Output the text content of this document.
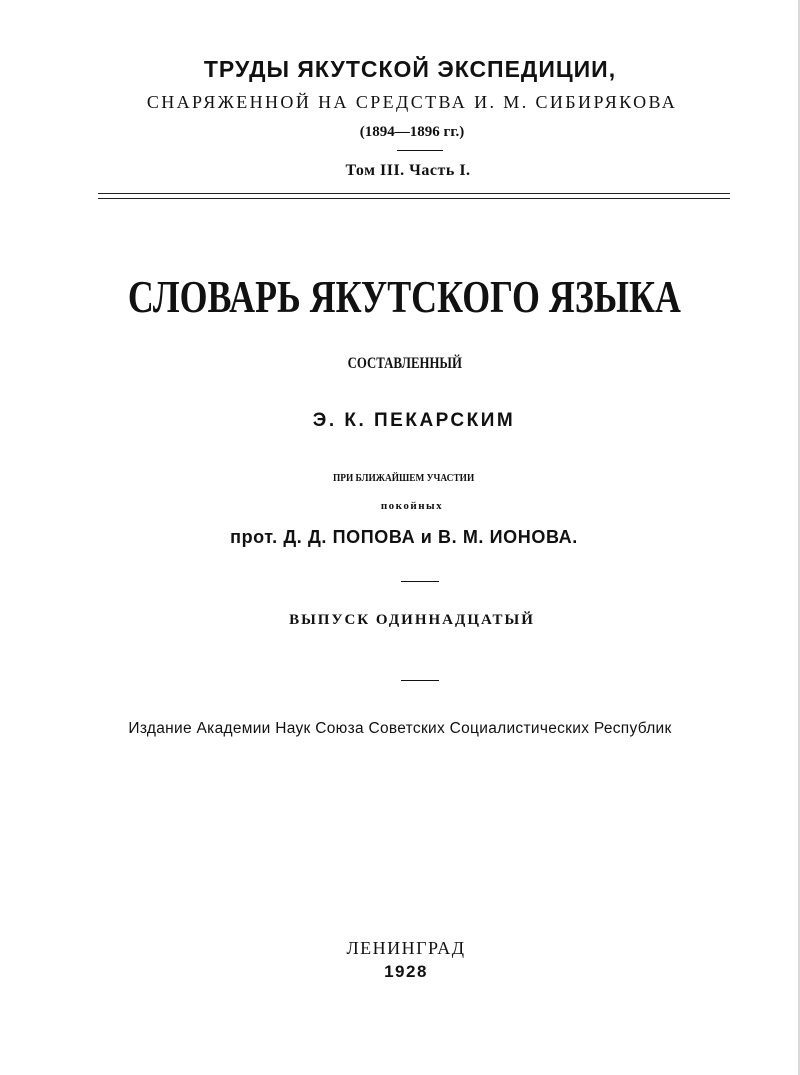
ТРУДЫ ЯКУТСКОЙ ЭКСПЕДИЦИИ,
СНАРЯЖЕННОЙ НА СРЕДСТВА И. М. СИБИРЯКОВА
(1894—1896 гг.)
Том III. Часть I.
СЛОВАРЬ ЯКУТСКОГО ЯЗЫКА
СОСТАВЛЕННЫЙ
Э. К. ПЕКАРСКИМ
ПРИ БЛИЖАЙШЕМ УЧАСТИИ
покойных
прот. Д. Д. ПОПОВА и В. М. ИОНОВА.
ВЫПУСК ОДИННАДЦАТЫЙ
Издание Академии Наук Союза Советских Социалистических Республик
ЛЕНИНГРАД
1928
